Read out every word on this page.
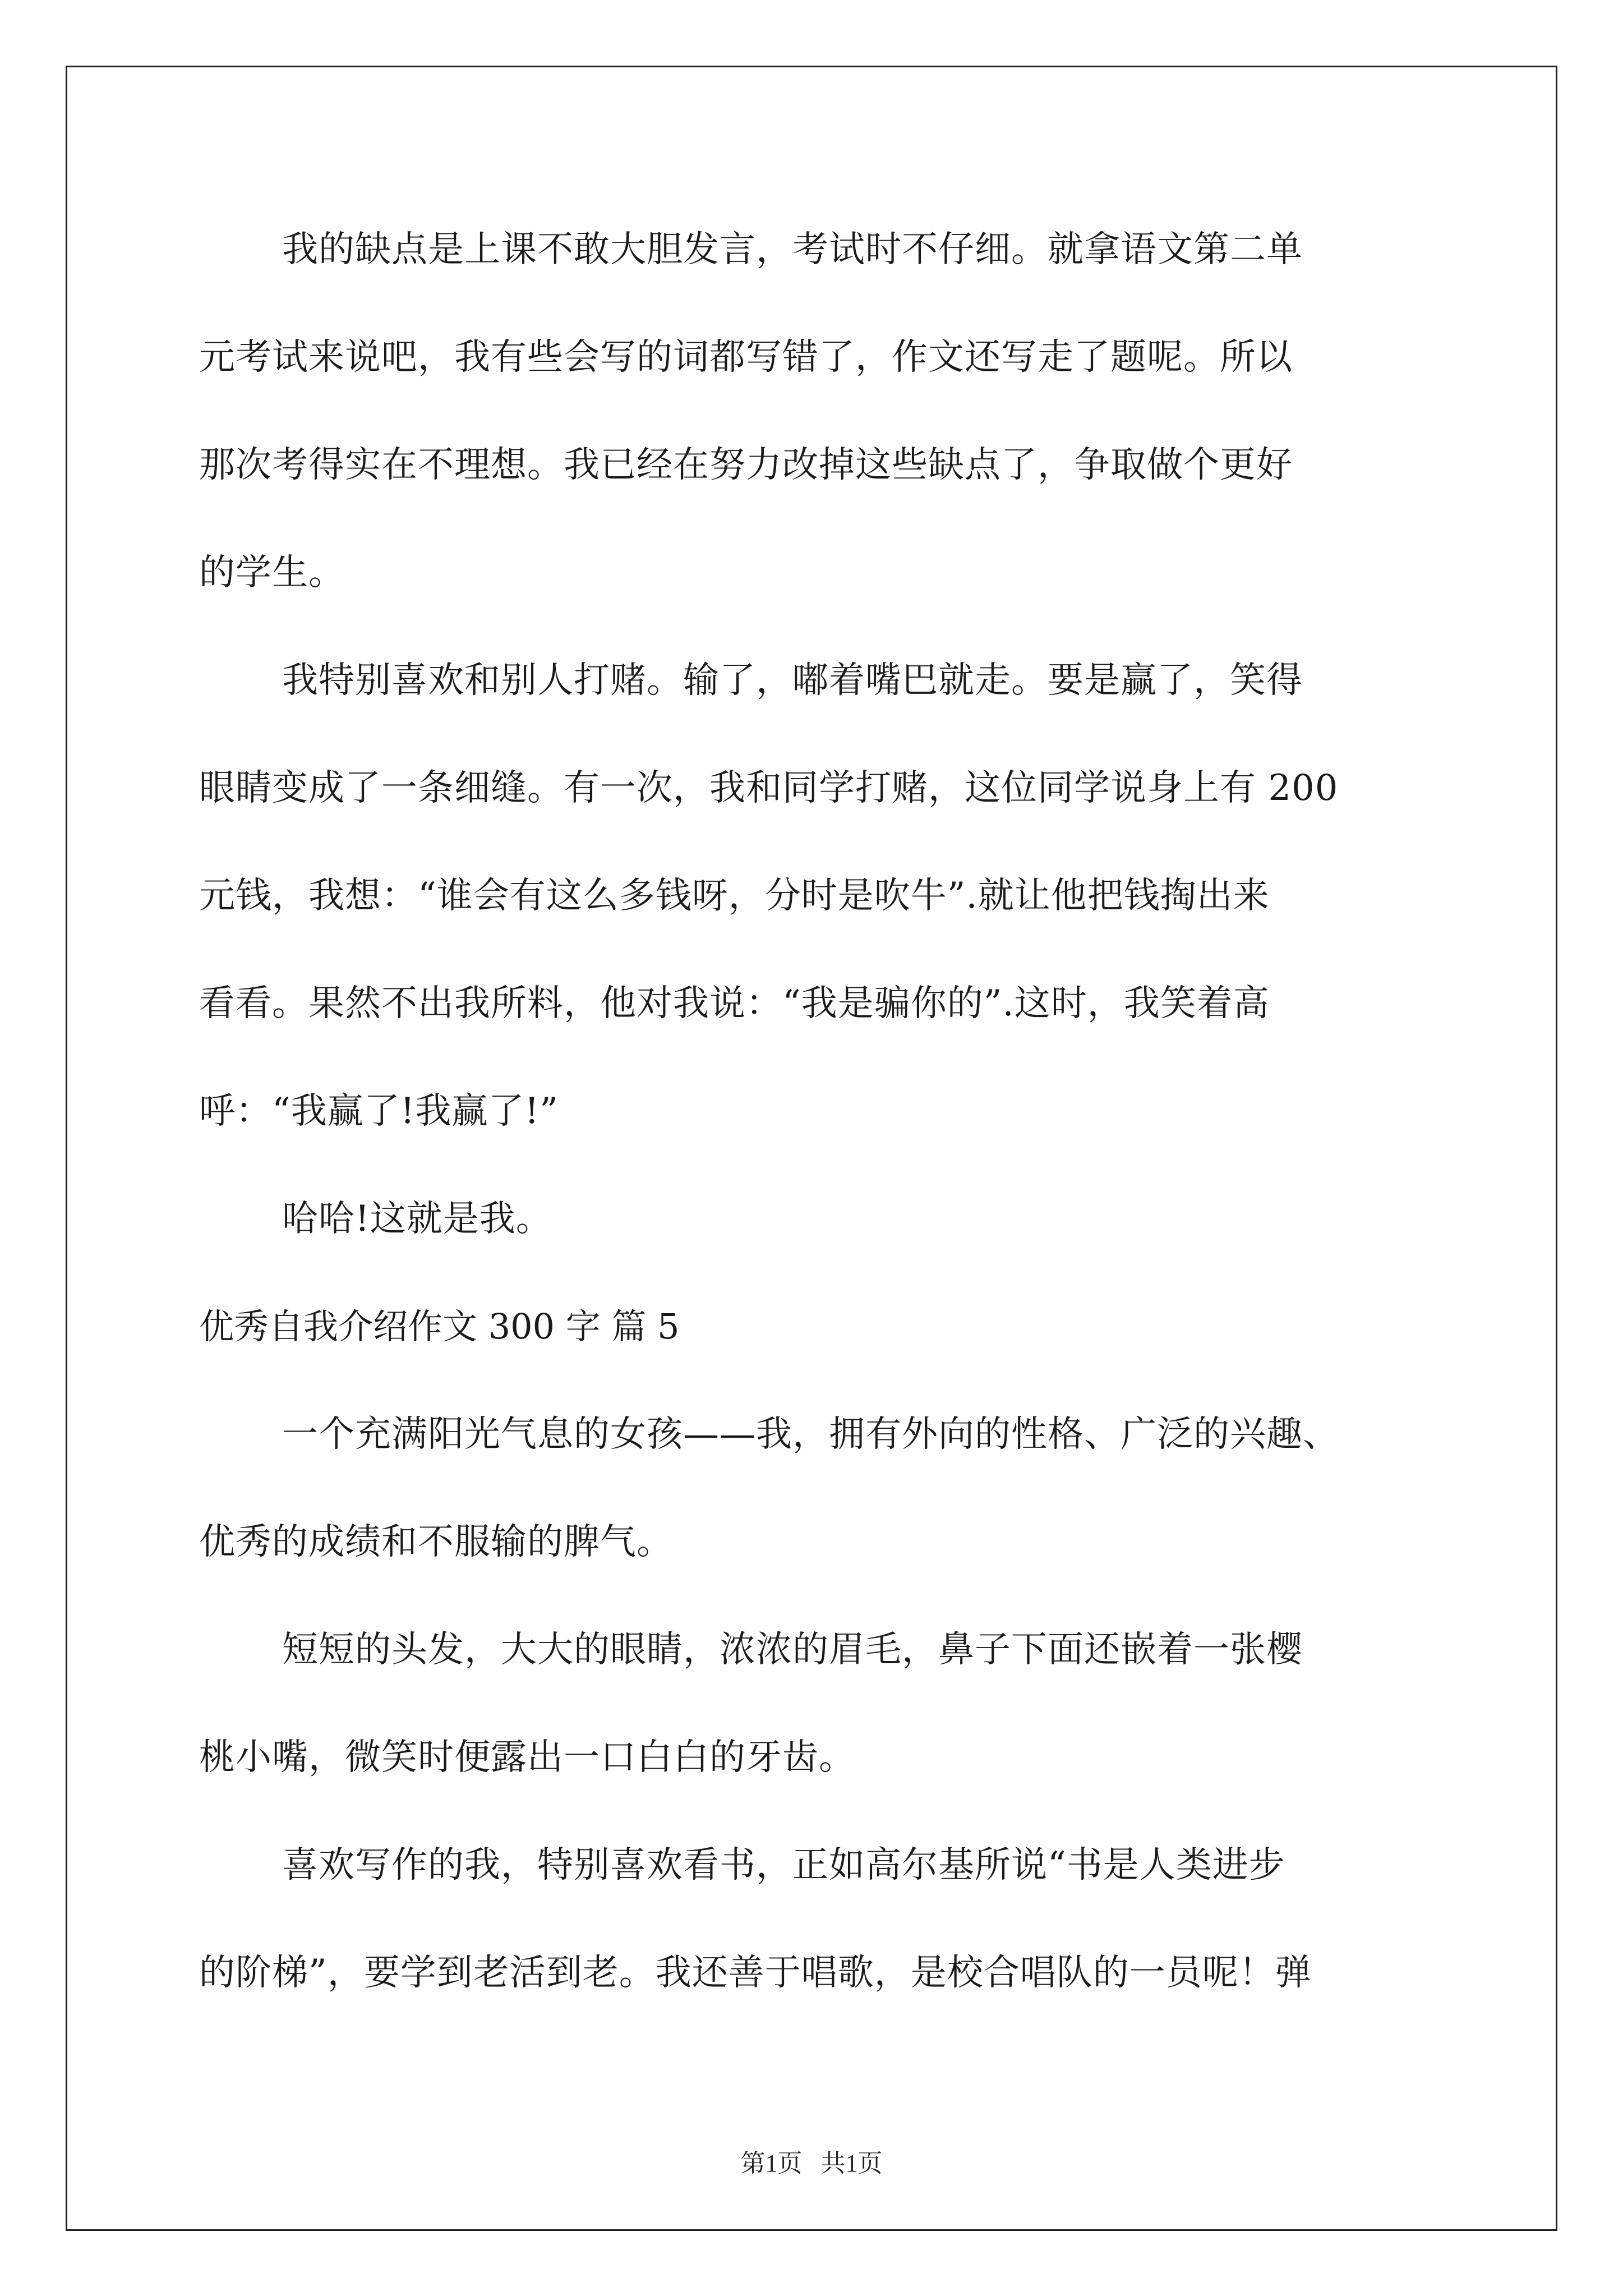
我的缺点是上课不敢大胆发言，考试时不仔细。就拿语文第二单
元考试来说吧，我有些会写的词都写错了，作文还写走了题呢。所以
那次考得实在不理想。我已经在努力改掉这些缺点了，争取做个更好
的学生。
我特别喜欢和别人打赌。输了，嘟着嘴巴就走。要是赢了，笑得
眼睛变成了一条细缝。有一次，我和同学打赌，这位同学说身上有 200
元钱，我想：“谁会有这么多钱呀，分时是吹牛”.就让他把钱掏出来
看看。果然不出我所料，他对我说：“我是骗你的”.这时，我笑着高
呼：“我赢了!我赢了!”
哈哈!这就是我。
优秀自我介绍作文 300 字 篇 5
一个充满阳光气息的女孩——我，拥有外向的性格、广泛的兴趣、
优秀的成绩和不服输的脾气。
短短的头发，大大的眼睛，浓浓的眉毛，鼻子下面还嵌着一张樱
桃小嘴，微笑时便露出一口白白的牙齿。
喜欢写作的我，特别喜欢看书，正如高尔基所说“书是人类进步
的阶梯”，要学到老活到老。我还善于唱歌，是校合唱队的一员呢！弹
第1页   共1页
